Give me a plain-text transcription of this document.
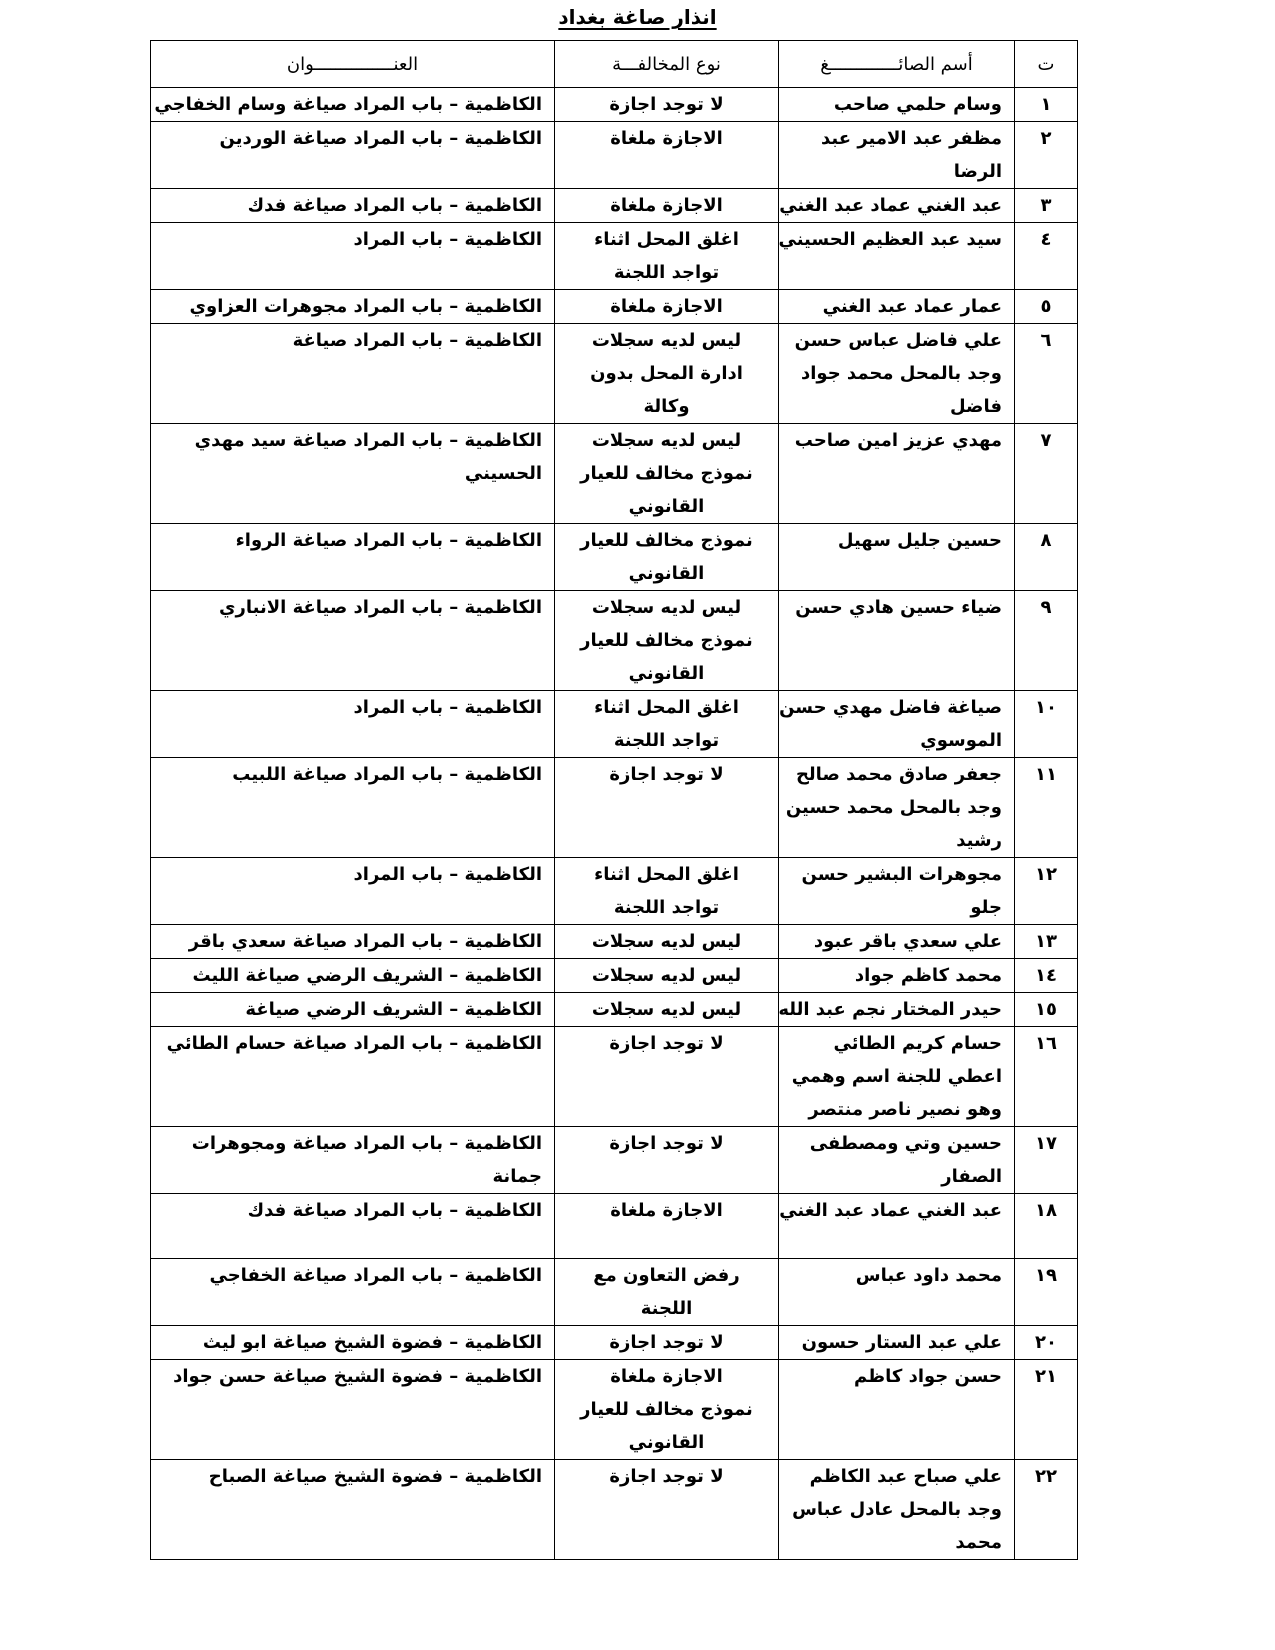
انذار صاغة بغداد
ت	أسم الصائـــــــــــــغ	نوع المخالفـــة	العنـــــــــــــــوان
١	وسام حلمي صاحب	لا توجد اجازة	الكاظمية – باب المراد صياغة وسام الخفاجي

٢	مظفر عبد الامير عبد
الرضا	الاجازة ملغاة	الكاظمية – باب المراد صياغة الوردين

٣	عبد الغني عماد عبد الغني	الاجازة ملغاة	الكاظمية – باب المراد صياغة فدك

٤	سيد عبد العظيم الحسيني	اغلق المحل اثناء
تواجد اللجنة	الكاظمية – باب المراد

٥	عمار عماد عبد الغني	الاجازة ملغاة	الكاظمية – باب المراد مجوهرات العزاوي

٦	علي فاضل عباس حسن
وجد بالمحل محمد جواد
فاضل	ليس لديه سجلات
ادارة المحل بدون
وكالة	الكاظمية – باب المراد صياغة

٧	مهدي عزيز امين صاحب	ليس لديه سجلات
نموذج مخالف للعيار
القانوني	الكاظمية – باب المراد صياغة سيد مهدي
الحسيني

٨	حسين جليل سهيل	نموذج مخالف للعيار
القانوني	الكاظمية – باب المراد صياغة الرواء

٩	ضياء حسين هادي حسن	ليس لديه سجلات
نموذج مخالف للعيار
القانوني	الكاظمية – باب المراد صياغة الانباري

١٠	صياغة فاضل مهدي حسن
الموسوي	اغلق المحل اثناء
تواجد اللجنة	الكاظمية – باب المراد

١١	جعفر صادق محمد صالح
وجد بالمحل محمد حسين
رشيد	لا توجد اجازة	الكاظمية – باب المراد صياغة اللبيب

١٢	مجوهرات البشير حسن
جلو	اغلق المحل اثناء
تواجد اللجنة	الكاظمية – باب المراد

١٣	علي سعدي باقر عبود	ليس لديه سجلات	الكاظمية – باب المراد صياغة سعدي باقر

١٤	محمد كاظم جواد	ليس لديه سجلات	الكاظمية – الشريف الرضي صياغة الليث

١٥	حيدر المختار نجم عبد الله	ليس لديه سجلات	الكاظمية – الشريف الرضي صياغة

١٦	حسام كريم الطائي
اعطي للجنة اسم وهمي
وهو نصير ناصر منتصر	لا توجد اجازة	الكاظمية – باب المراد صياغة حسام الطائي

١٧	حسين وتي ومصطفى
الصفار	لا توجد اجازة	الكاظمية – باب المراد صياغة ومجوهرات
جمانة

١٨	عبد الغني عماد عبد الغني	الاجازة ملغاة	الكاظمية – باب المراد صياغة فدك

١٩	محمد داود عباس	رفض التعاون مع
اللجنة	الكاظمية – باب المراد صياغة الخفاجي

٢٠	علي عبد الستار حسون	لا توجد اجازة	الكاظمية – فضوة الشيخ صياغة ابو ليث

٢١	حسن جواد كاظم	الاجازة ملغاة
نموذج مخالف للعيار
القانوني	الكاظمية – فضوة الشيخ صياغة حسن جواد

٢٢	علي صباح عبد الكاظم
وجد بالمحل عادل عباس
محمد	لا توجد اجازة	الكاظمية – فضوة الشيخ صياغة الصباح
